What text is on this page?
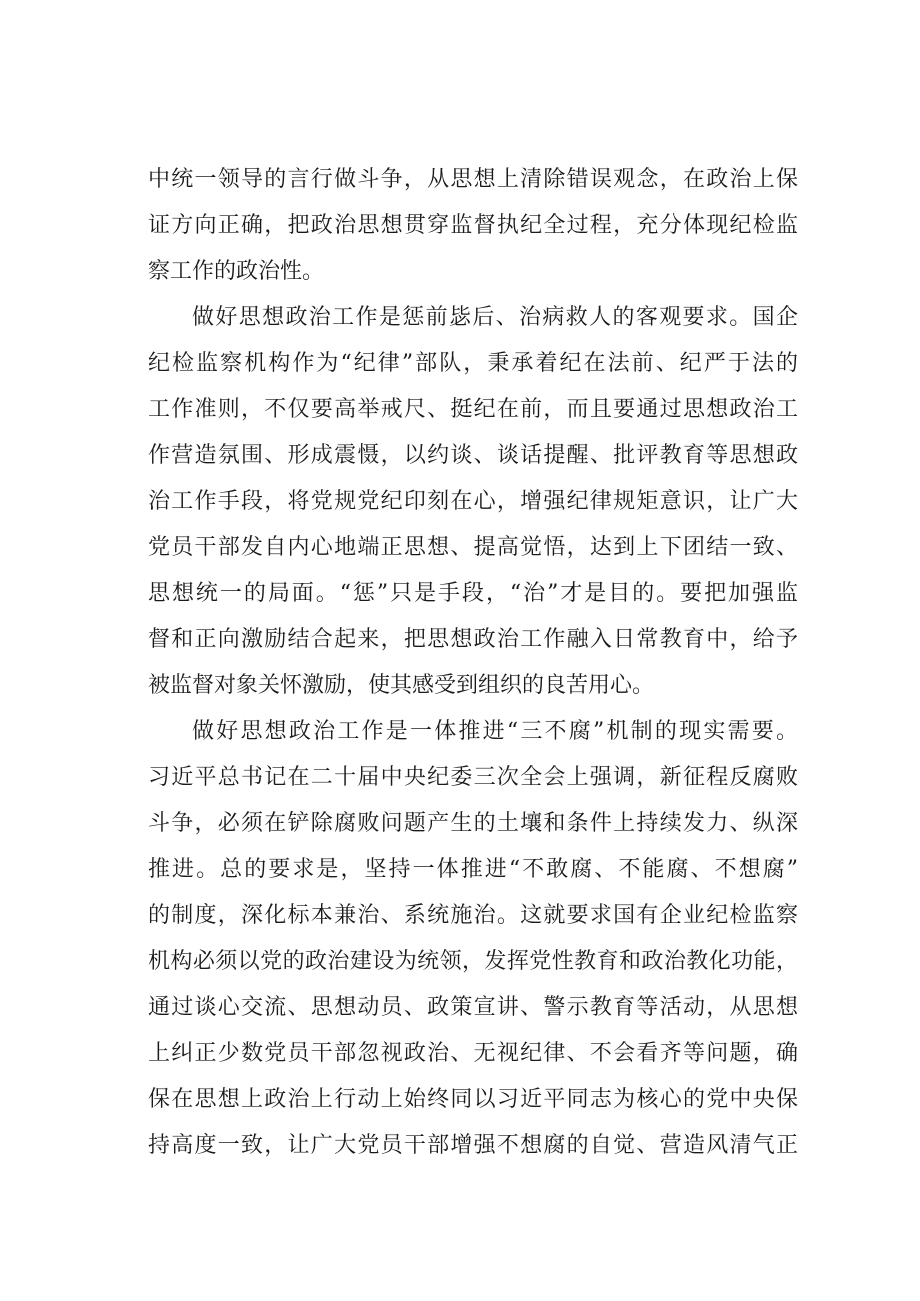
中统一领导的言行做斗争，从思想上清除错误观念，在政治上保
证方向正确，把政治思想贯穿监督执纪全过程，充分体现纪检监
察工作的政治性。
做好思想政治工作是惩前毖后、治病救人的客观要求。国企
纪检监察机构作为“纪律”部队，秉承着纪在法前、纪严于法的
工作准则，不仅要高举戒尺、挺纪在前，而且要通过思想政治工
作营造氛围、形成震慑，以约谈、谈话提醒、批评教育等思想政
治工作手段，将党规党纪印刻在心，增强纪律规矩意识，让广大
党员干部发自内心地端正思想、提高觉悟，达到上下团结一致、
思想统一的局面。“惩”只是手段，“治”才是目的。要把加强监
督和正向激励结合起来，把思想政治工作融入日常教育中，给予
被监督对象关怀激励，使其感受到组织的良苦用心。
做好思想政治工作是一体推进“三不腐”机制的现实需要。
习近平总书记在二十届中央纪委三次全会上强调，新征程反腐败
斗争，必须在铲除腐败问题产生的土壤和条件上持续发力、纵深
推进。总的要求是，坚持一体推进“不敢腐、不能腐、不想腐”
的制度，深化标本兼治、系统施治。这就要求国有企业纪检监察
机构必须以党的政治建设为统领，发挥党性教育和政治教化功能，
通过谈心交流、思想动员、政策宣讲、警示教育等活动，从思想
上纠正少数党员干部忽视政治、无视纪律、不会看齐等问题，确
保在思想上政治上行动上始终同以习近平同志为核心的党中央保
持高度一致，让广大党员干部增强不想腐的自觉、营造风清气正
